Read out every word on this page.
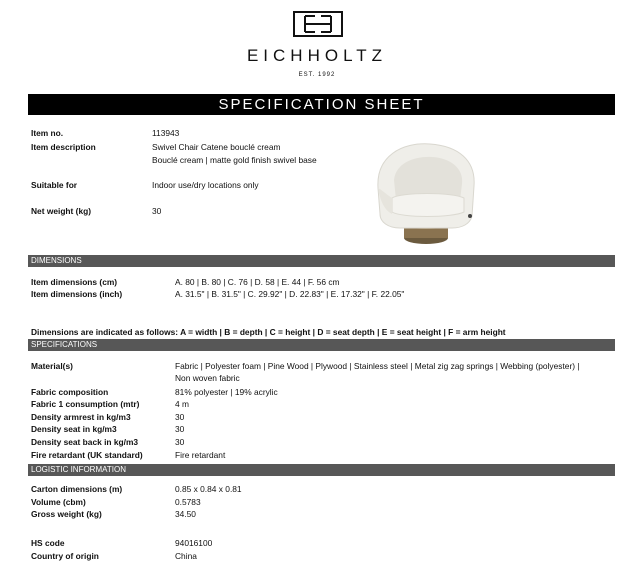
EICHHOLTZ
EST. 1992
SPECIFICATION SHEET
Item no.	113943
Item description	Swivel Chair Catene bouclé cream
Bouclé cream | matte gold finish swivel base
Suitable for	Indoor use/dry locations only
Net weight (kg)	30
DIMENSIONS
Item dimensions (cm)	A. 80 | B. 80 | C. 76 | D. 58 | E. 44 | F. 56 cm
Item dimensions (inch)	A. 31.5" | B. 31.5" | C. 29.92" | D. 22.83" | E. 17.32" | F. 22.05"
Dimensions are indicated as follows: A = width | B = depth | C = height | D = seat depth | E = seat height | F = arm height
SPECIFICATIONS
Material(s)	Fabric | Polyester foam | Pine Wood | Plywood | Stainless steel | Metal zig zag springs | Webbing (polyester) |
Non woven fabric
Fabric composition	81% polyester | 19% acrylic
Fabric 1 consumption (mtr)	4 m
Density armrest in kg/m3	30
Density seat in kg/m3	30
Density seat back in kg/m3	30
Fire retardant (UK standard)	Fire retardant
LOGISTIC INFORMATION
Carton dimensions (m)	0.85 x 0.84 x 0.81
Volume (cbm)	0.5783
Gross weight (kg)	34.50
HS code	94016100
Country of origin	China
